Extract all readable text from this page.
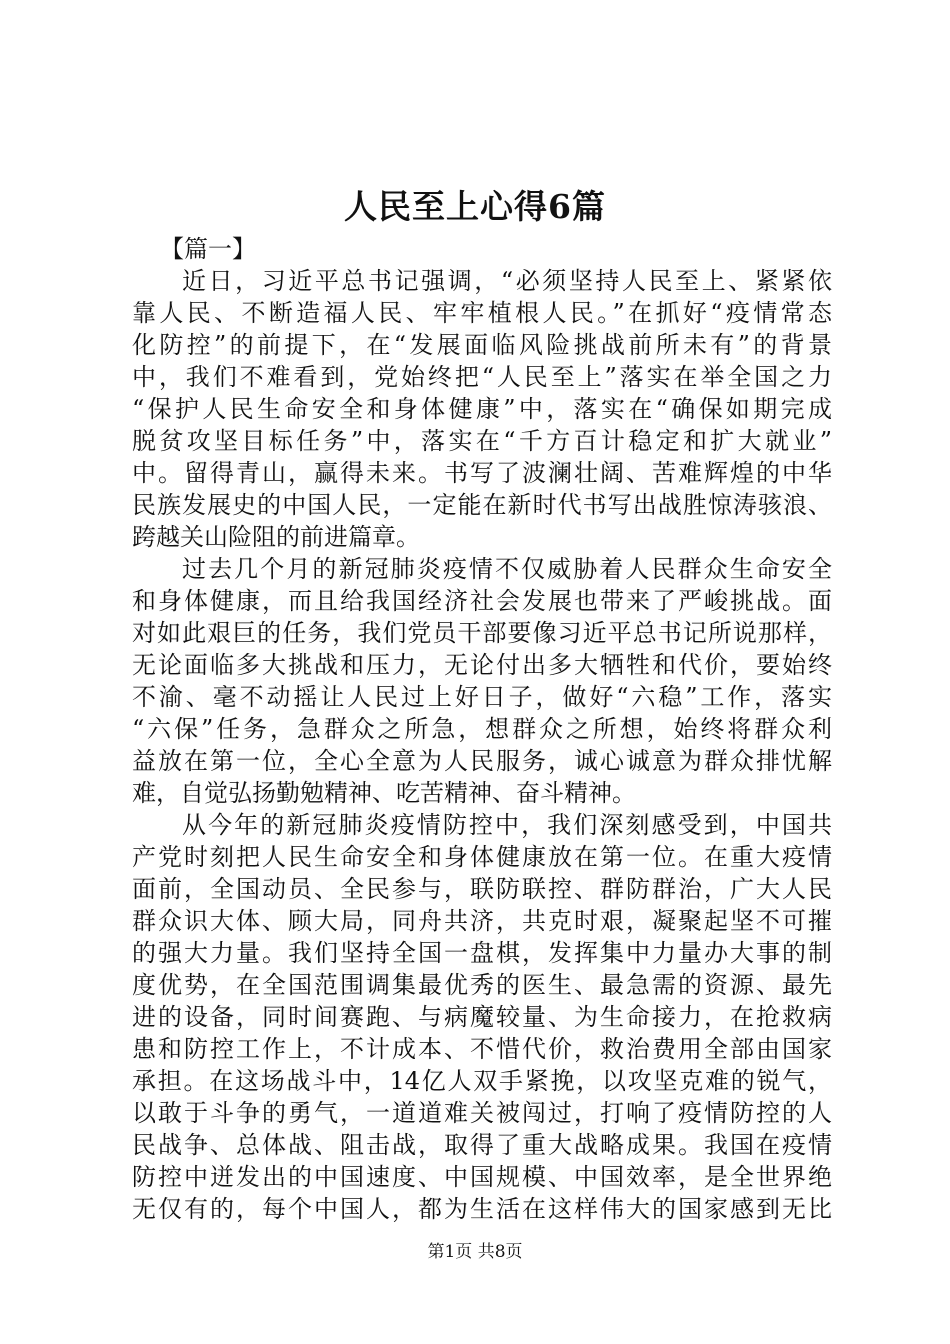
人民至上心得6篇
【篇一】
近日，习近平总书记强调，“必须坚持人民至上、紧紧依
靠人民、不断造福人民、牢牢植根人民。”在抓好“疫情常态
化防控”的前提下，在“发展面临风险挑战前所未有”的背景
中，我们不难看到，党始终把“人民至上”落实在举全国之力
“保护人民生命安全和身体健康”中，落实在“确保如期完成
脱贫攻坚目标任务”中，落实在“千方百计稳定和扩大就业”
中。留得青山，赢得未来。书写了波澜壮阔、苦难辉煌的中华
民族发展史的中国人民，一定能在新时代书写出战胜惊涛骇浪、
跨越关山险阻的前进篇章。
过去几个月的新冠肺炎疫情不仅威胁着人民群众生命安全
和身体健康，而且给我国经济社会发展也带来了严峻挑战。面
对如此艰巨的任务，我们党员干部要像习近平总书记所说那样，
无论面临多大挑战和压力，无论付出多大牺牲和代价，要始终
不渝、毫不动摇让人民过上好日子，做好“六稳”工作，落实
“六保”任务，急群众之所急，想群众之所想，始终将群众利
益放在第一位，全心全意为人民服务，诚心诚意为群众排忧解
难，自觉弘扬勤勉精神、吃苦精神、奋斗精神。
从今年的新冠肺炎疫情防控中，我们深刻感受到，中国共
产党时刻把人民生命安全和身体健康放在第一位。在重大疫情
面前，全国动员、全民参与，联防联控、群防群治，广大人民
群众识大体、顾大局，同舟共济，共克时艰，凝聚起坚不可摧
的强大力量。我们坚持全国一盘棋，发挥集中力量办大事的制
度优势，在全国范围调集最优秀的医生、最急需的资源、最先
进的设备，同时间赛跑、与病魔较量、为生命接力，在抢救病
患和防控工作上，不计成本、不惜代价，救治费用全部由国家
承担。在这场战斗中，14亿人双手紧挽，以攻坚克难的锐气，
以敢于斗争的勇气，一道道难关被闯过，打响了疫情防控的人
民战争、总体战、阻击战，取得了重大战略成果。我国在疫情
防控中迸发出的中国速度、中国规模、中国效率，是全世界绝
无仅有的，每个中国人，都为生活在这样伟大的国家感到无比
第1页 共8页
